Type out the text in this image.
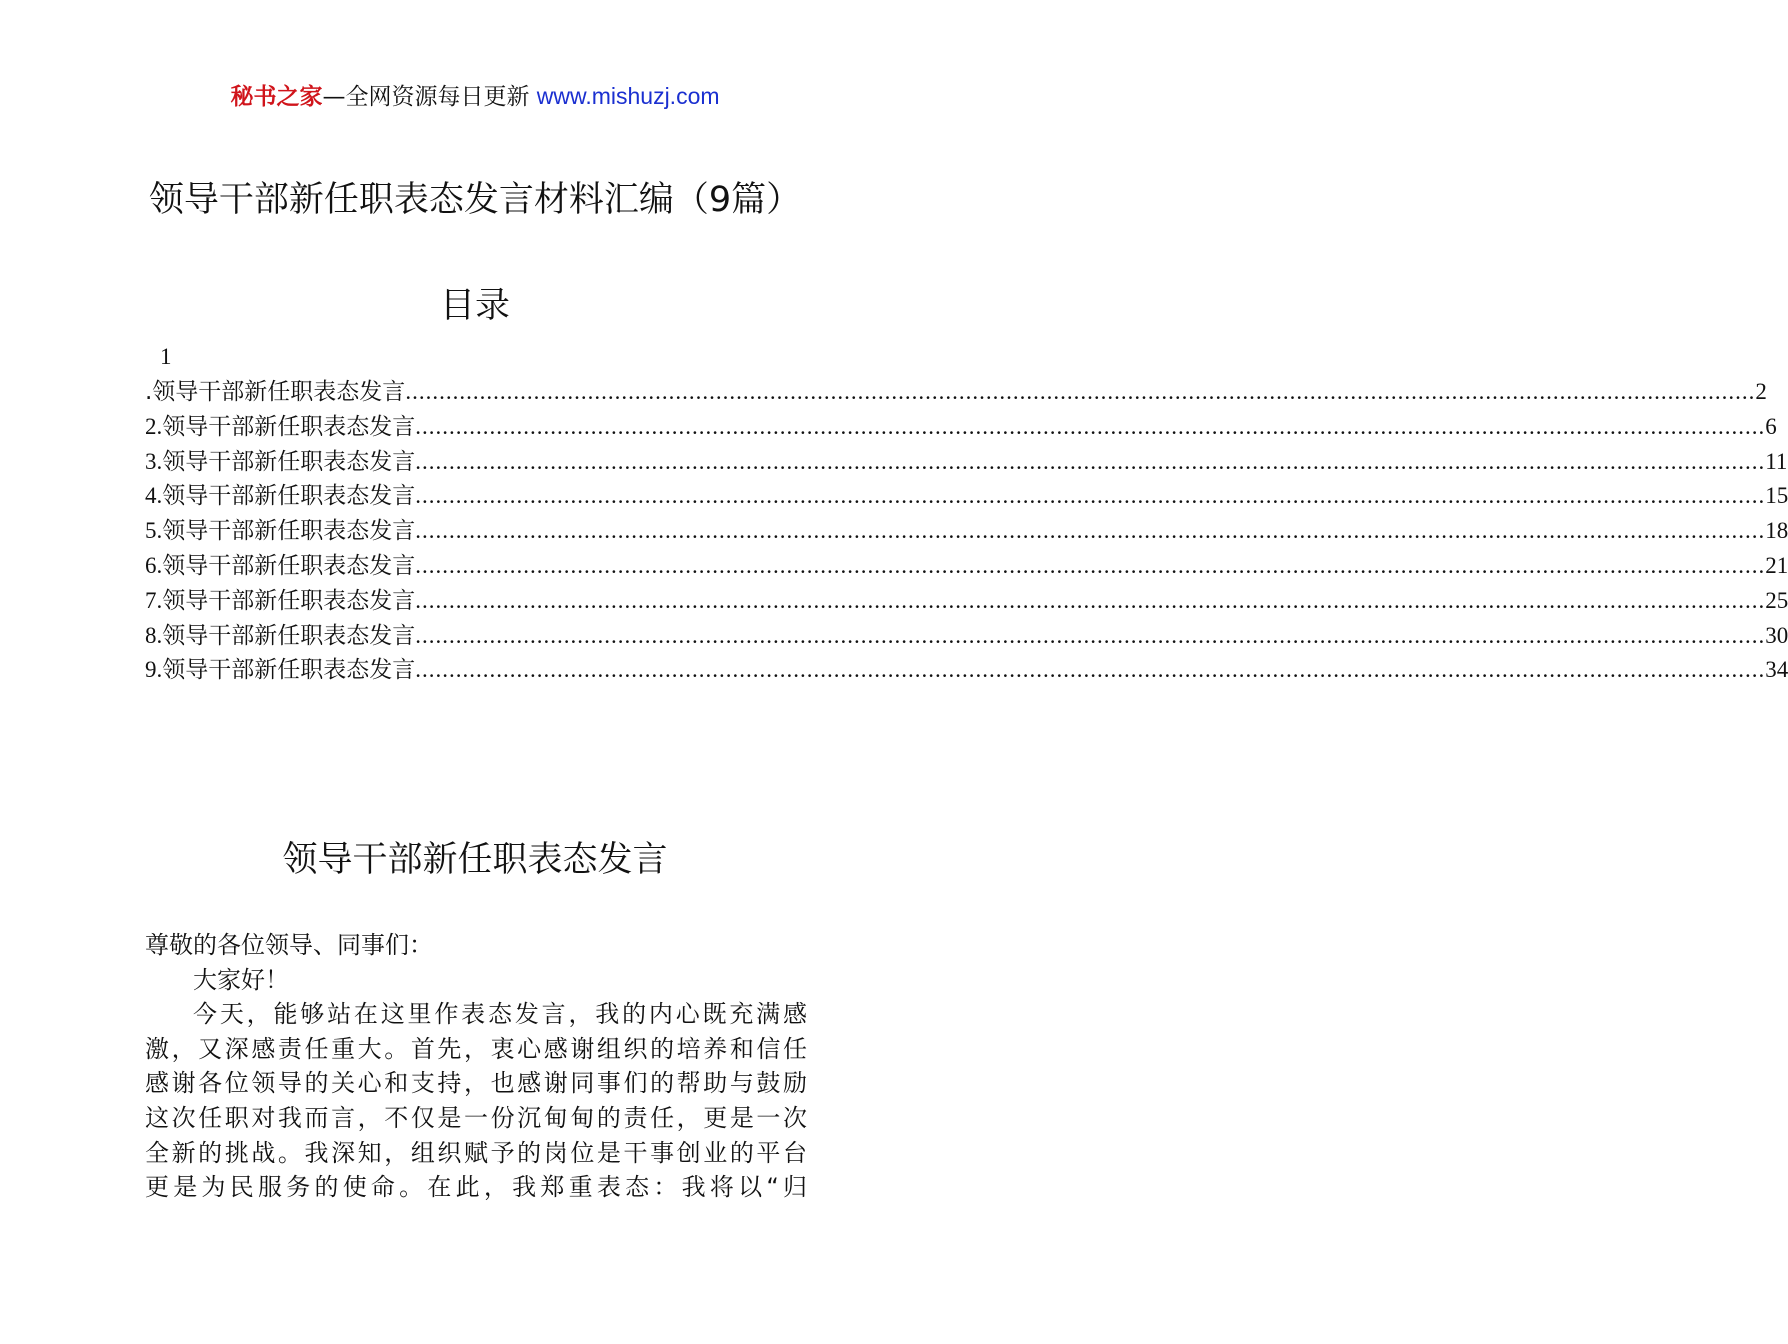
秘书之家—全网资源每日更新 www.mishuzj.com
领导干部新任职表态发言材料汇编（9篇）
目录
1
.领导干部新任职表态发言 ........................................................................................................................................................................................................ 2
2. 领导干部新任职表态发言 ........................................................................................................................................................................................................ 6
3. 领导干部新任职表态发言 ........................................................................................................................................................................................................ 11
4. 领导干部新任职表态发言 ........................................................................................................................................................................................................ 15
5. 领导干部新任职表态发言 ........................................................................................................................................................................................................ 18
6. 领导干部新任职表态发言 ........................................................................................................................................................................................................ 21
7. 领导干部新任职表态发言 ........................................................................................................................................................................................................ 25
8. 领导干部新任职表态发言 ........................................................................................................................................................................................................ 30
9. 领导干部新任职表态发言 ........................................................................................................................................................................................................ 34
领导干部新任职表态发言

尊敬的各位领导、同事们：

大家好！

今天，能够站在这里作表态发言，我的内心既充满感

激，又深感责任重大。首先，衷心感谢组织的培养和信任

感谢各位领导的关心和支持，也感谢同事们的帮助与鼓励

这次任职对我而言，不仅是一份沉甸甸的责任，更是一次

全新的挑战。我深知，组织赋予的岗位是干事创业的平台

更是为民服务的使命。在此，我郑重表态：我将以“归
